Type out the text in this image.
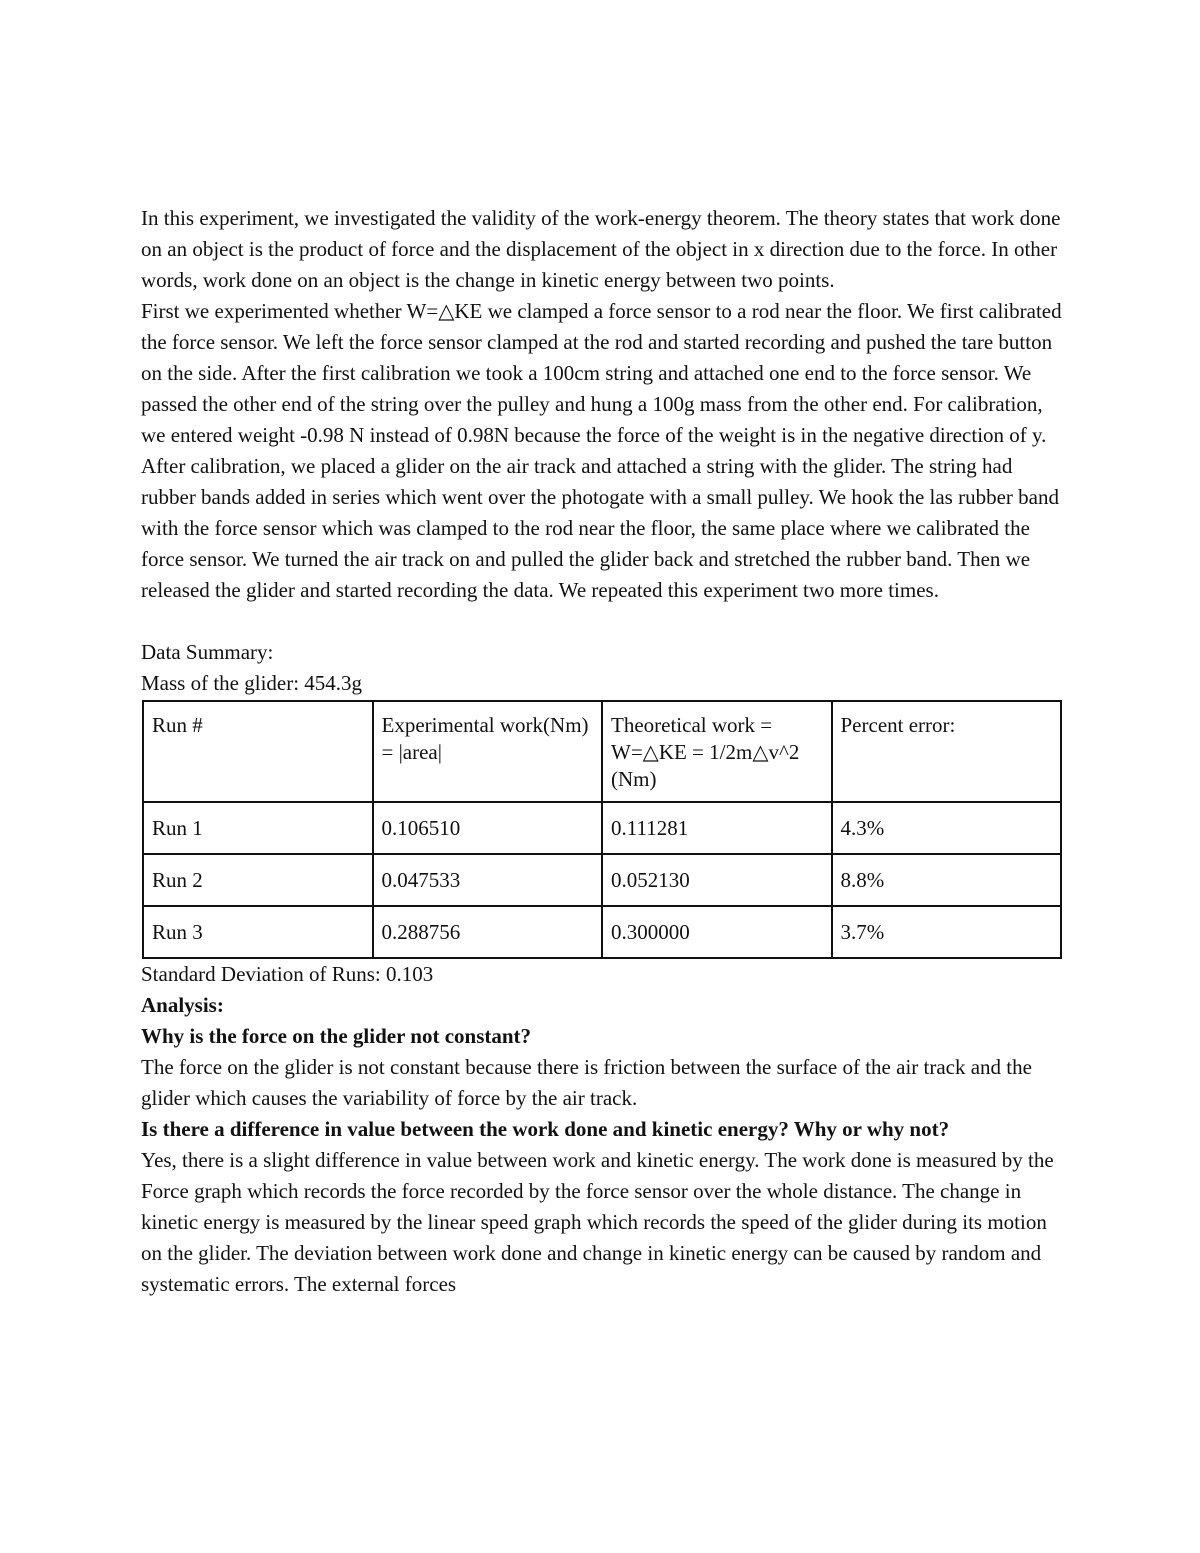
In this experiment, we investigated the validity of the work-energy theorem. The theory states that work done on an object is the product of force and the displacement of the object in x direction due to the force. In other words, work done on an object is the change in kinetic energy between two points.

First we experimented whether W=△KE we clamped a force sensor to a rod near the floor. We first calibrated the force sensor. We left the force sensor clamped at the rod and started recording and pushed the tare button on the side. After the first calibration we took a 100cm string and attached one end to the force sensor. We passed the other end of the string over the pulley and hung a 100g mass from the other end. For calibration, we entered weight -0.98 N instead of 0.98N because the force of the weight is in the negative direction of y.

After calibration, we placed a glider on the air track and attached a string with the glider. The string had rubber bands added in series which went over the photogate with a small pulley. We hook the las rubber band with the force sensor which was clamped to the rod near the floor, the same place where we calibrated the force sensor. We turned the air track on and pulled the glider back and stretched the rubber band. Then we released the glider and started recording the data. We repeated this experiment two more times.

Data Summary:

Mass of the glider: 454.3g

Run #	Experimental work(Nm) = |area|	Theoretical work = W=△KE = 1/2m△v^2 (Nm)	Percent error:
Run 1	0.106510	0.111281	4.3%
Run 2	0.047533	0.052130	8.8%
Run 3	0.288756	0.300000	3.7%

Standard Deviation of Runs: 0.103

Analysis:

Why is the force on the glider not constant?

The force on the glider is not constant because there is friction between the surface of the air track and the glider which causes the variability of force by the air track.

Is there a difference in value between the work done and kinetic energy? Why or why not?

Yes, there is a slight difference in value between work and kinetic energy. The work done is measured by the Force graph which records the force recorded by the force sensor over the whole distance. The change in kinetic energy is measured by the linear speed graph which records the speed of the glider during its motion on the glider. The deviation between work done and change in kinetic energy can be caused by random and systematic errors. The external forces
